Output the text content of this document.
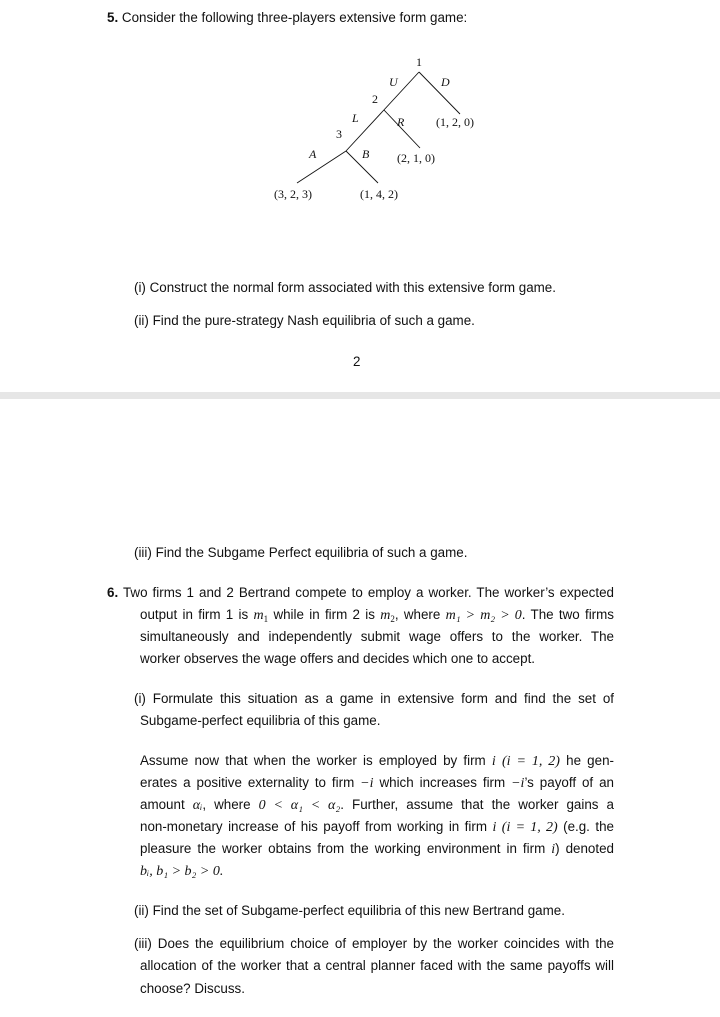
5. Consider the following three-players extensive form game:
1
2
3
U	D
L	R
A	B
(1, 2, 0)
(2, 1, 0)
(3, 2, 3)	(1, 4, 2)
(i) Construct the normal form associated with this extensive form game.
(ii) Find the pure-strategy Nash equilibria of such a game.
2
(iii) Find the Subgame Perfect equilibria of such a game.
6. Two firms 1 and 2 Bertrand compete to employ a worker. The worker’s expected
output in firm 1 is $m_1$ while in firm 2 is $m_2$, where m₁ > m₂ > 0. The two firms
simultaneously and independently submit wage offers to the worker. The
worker observes the wage offers and decides which one to accept.
(i) Formulate this situation as a game in extensive form and find the set of
Subgame-perfect equilibria of this game.
Assume now that when the worker is employed by firm i (i = 1, 2) he gen-
erates a positive externality to firm −i which increases firm −i’s payoff of an
amount αᵢ, where 0 < α₁ < α₂. Further, assume that the worker gains a
non-monetary increase of his payoff from working in firm i (i = 1, 2) (e.g. the
pleasure the worker obtains from the working environment in firm i) denoted
bᵢ, b₁ > b₂ > 0.
(ii) Find the set of Subgame-perfect equilibria of this new Bertrand game.
(iii) Does the equilibrium choice of employer by the worker coincides with the
allocation of the worker that a central planner faced with the same payoffs will
choose? Discuss.
